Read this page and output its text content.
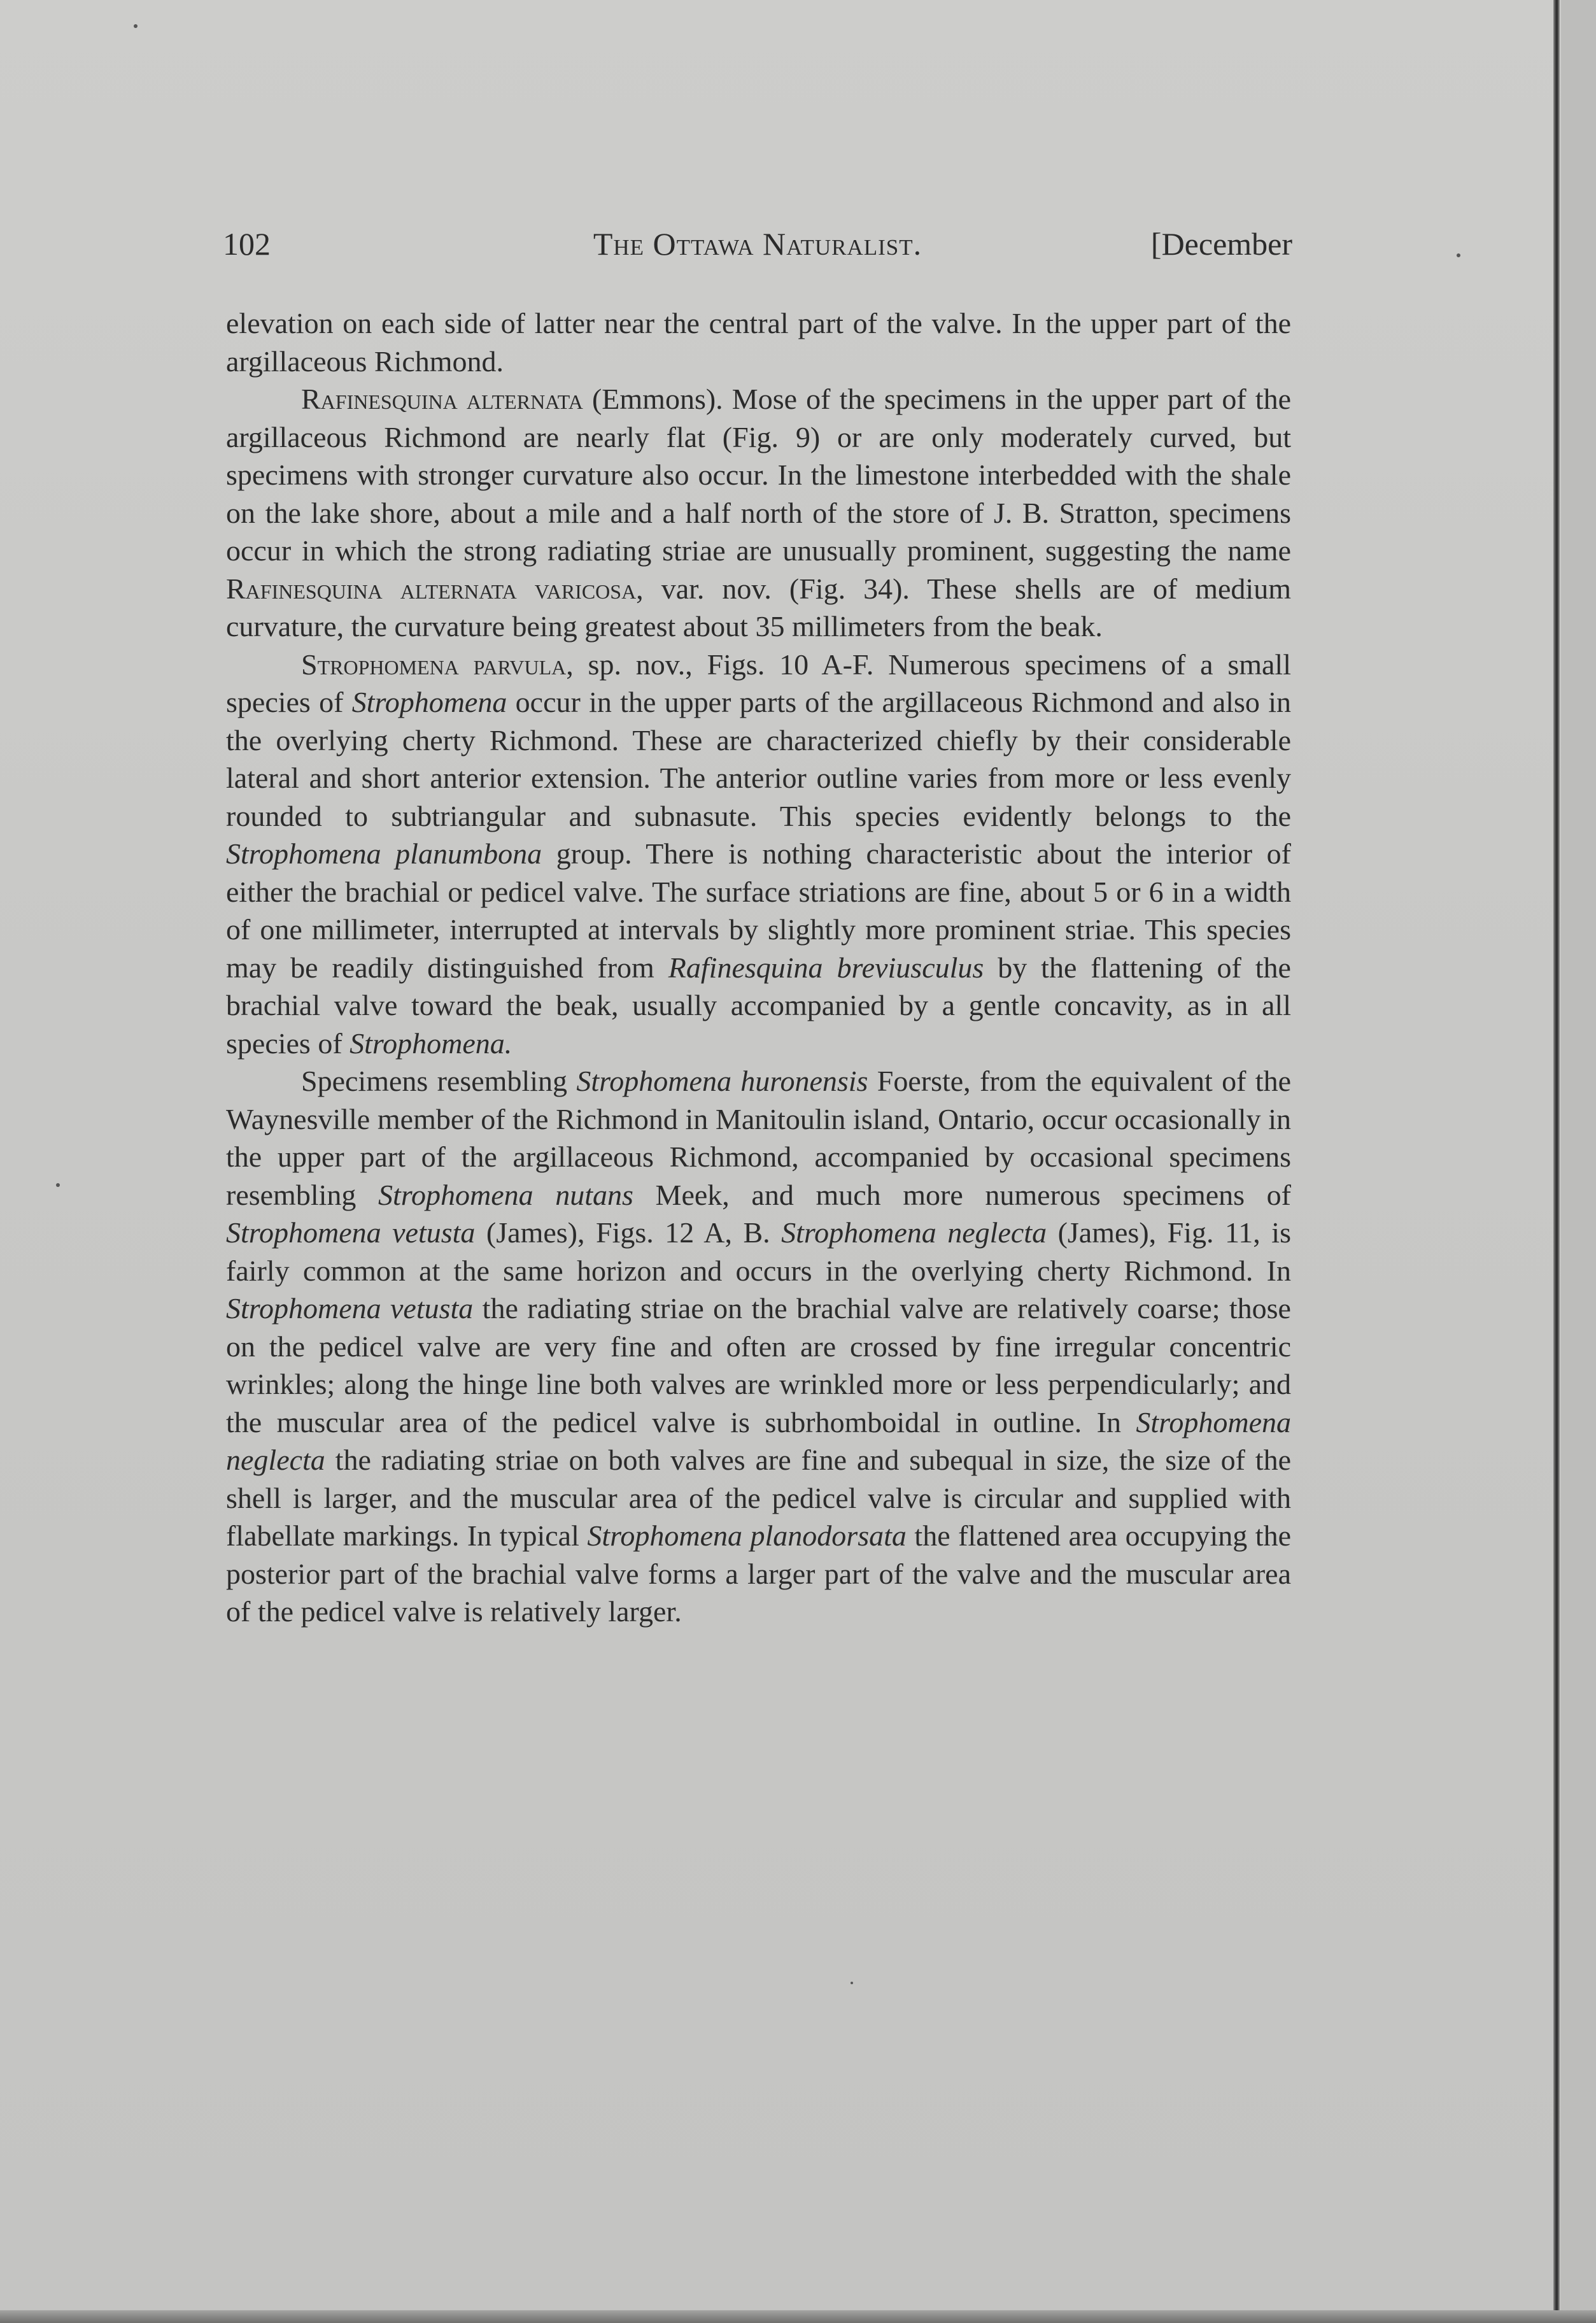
102	The Ottawa Naturalist.	[December

elevation on each side of latter near the central part of the valve. In the upper part of the argillaceous Richmond.

Rafinesquina alternata (Emmons). Mose of the specimens in the upper part of the argillaceous Richmond are nearly flat (Fig. 9) or are only moderately curved, but specimens with stronger curvature also occur. In the limestone interbedded with the shale on the lake shore, about a mile and a half north of the store of J. B. Stratton, specimens occur in which the strong radiating striae are unusually prominent, suggesting the name Rafinesquina alternata varicosa, var. nov. (Fig. 34). These shells are of medium curvature, the curvature being greatest about 35 millimeters from the beak.

Strophomena parvula, sp. nov., Figs. 10 A-F. Numerous specimens of a small species of Strophomena occur in the upper parts of the argillaceous Richmond and also in the overlying cherty Richmond. These are characterized chiefly by their considerable lateral and short anterior extension. The anterior outline varies from more or less evenly rounded to subtriangular and subnasute. This species evidently belongs to the Strophomena planumbona group. There is nothing characteristic about the interior of either the brachial or pedicel valve. The surface striations are fine, about 5 or 6 in a width of one millimeter, interrupted at intervals by slightly more prominent striae. This species may be readily distinguished from Rafinesquina breviusculus by the flattening of the brachial valve toward the beak, usually accompanied by a gentle concavity, as in all species of Strophomena.

Specimens resembling Strophomena huronensis Foerste, from the equivalent of the Waynesville member of the Richmond in Manitoulin island, Ontario, occur occasionally in the upper part of the argillaceous Richmond, accompanied by occasional specimens resembling Strophomena nutans Meek, and much more numerous specimens of Strophomena vetusta (James), Figs. 12 A, B. Strophomena neglecta (James), Fig. 11, is fairly common at the same horizon and occurs in the overlying cherty Richmond. In Strophomena vetusta the radiating striae on the brachial valve are relatively coarse; those on the pedicel valve are very fine and often are crossed by fine irregular concentric wrinkles; along the hinge line both valves are wrinkled more or less perpendicularly; and the muscular area of the pedicel valve is subrhomboidal in outline. In Strophomena neglecta the radiating striae on both valves are fine and subequal in size, the size of the shell is larger, and the muscular area of the pedicel valve is circular and supplied with flabellate markings. In typical Strophomena planodorsata the flattened area occupying the posterior part of the brachial valve forms a larger part of the valve and the muscular area of the pedicel valve is relatively larger.
